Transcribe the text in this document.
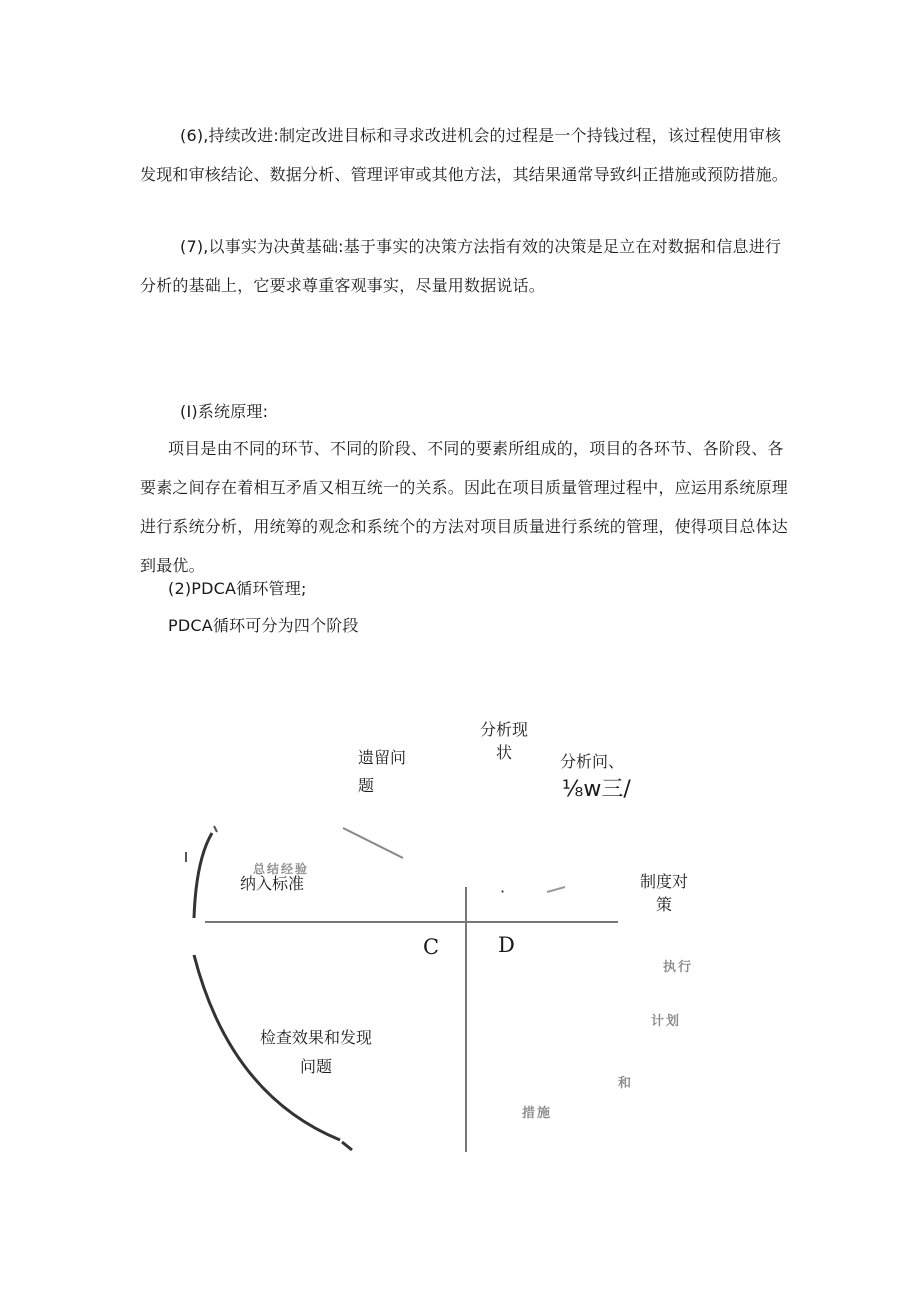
(6),持续改进:制定改进目标和寻求改进机会的过程是一个持钱过程，该过程使用审核发现和审核结论、数据分析、管理评审或其他方法，其结果通常导致纠正措施或预防措施。

(7),以事实为决黄基础:基于事实的决策方法指有效的决策是足立在对数据和信息进行分析的基础上，它要求尊重客观事实，尽量用数据说话。

(I)系统原理:

项目是由不同的环节、不同的阶段、不同的要素所组成的，项目的各环节、各阶段、各要素之间存在着相互矛盾又相互统一的关系。因此在项目质量管理过程中，应运用系统原理进行系统分析，用统筹的观念和系统个的方法对项目质量进行系统的管理，使得项目总体达到最优。

(2)PDCA循环管理;

PDCA循环可分为四个阶段

分析现
状
遗留问
题
分析问、
⅛w三/
总结经验
纳入标准	·
制度对
策
C	D
执行
计划
和
措施
检查效果和发现
问题
